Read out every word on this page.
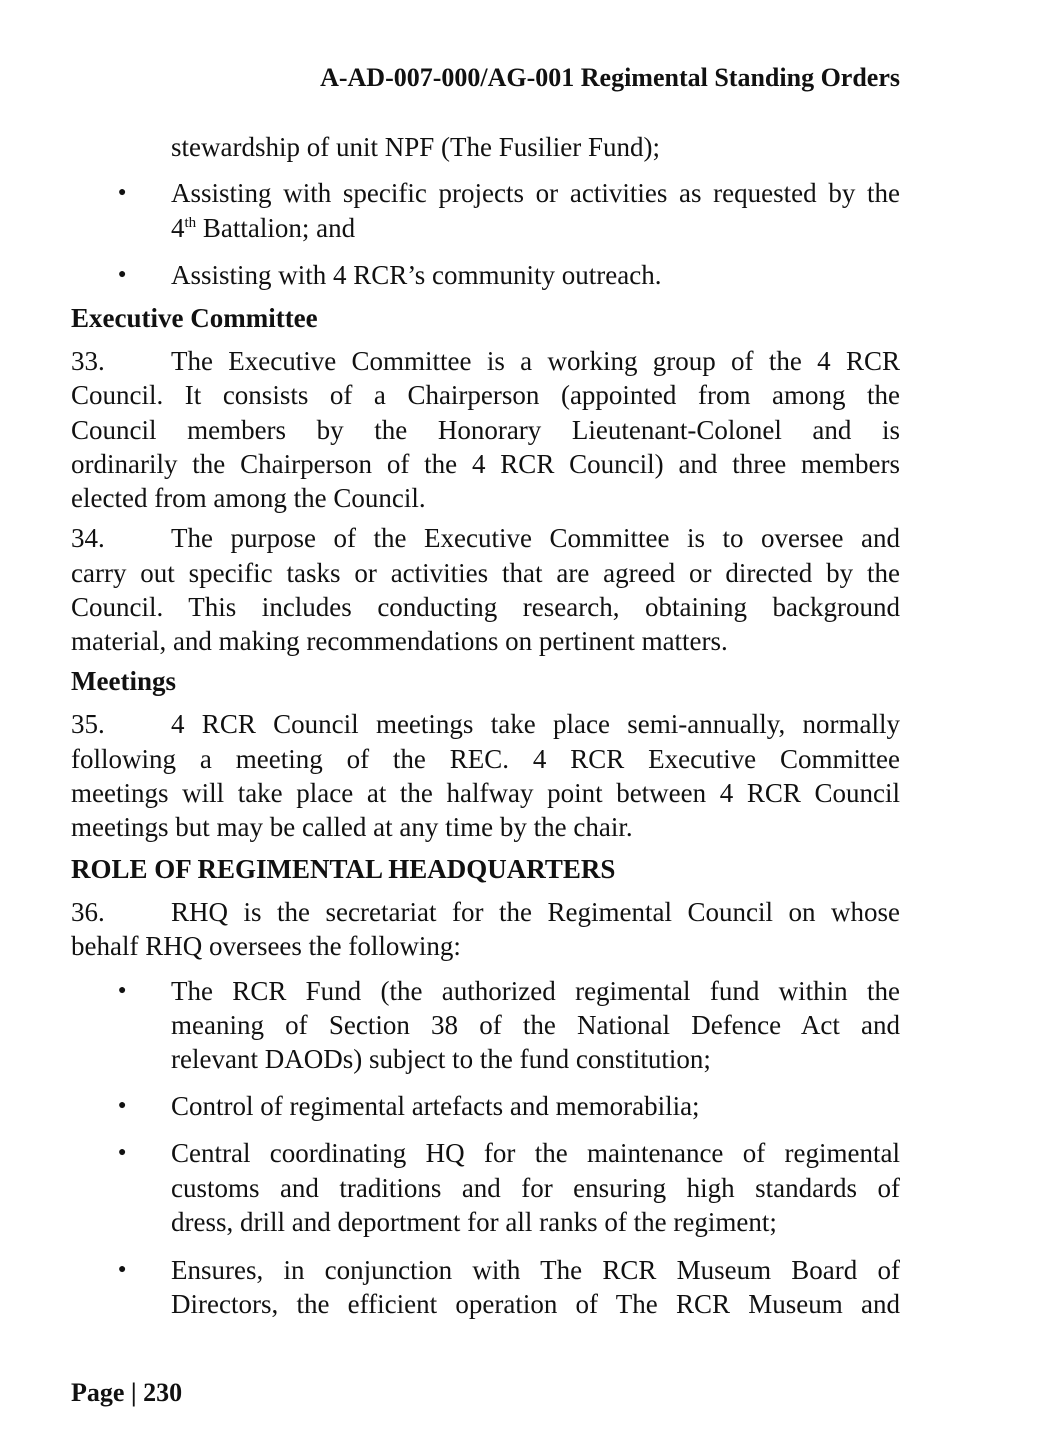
A-AD-007-000/AG-001 Regimental Standing Orders
stewardship of unit NPF (The Fusilier Fund);
● Assisting with specific projects or activities as requested by the
4th Battalion; and
● Assisting with 4 RCR’s community outreach.
Executive Committee
33. The Executive Committee is a working group of the 4 RCR
Council. It consists of a Chairperson (appointed from among the
Council members by the Honorary Lieutenant-Colonel and is
ordinarily the Chairperson of the 4 RCR Council) and three members
elected from among the Council.
34. The purpose of the Executive Committee is to oversee and
carry out specific tasks or activities that are agreed or directed by the
Council. This includes conducting research, obtaining background
material, and making recommendations on pertinent matters.
Meetings
35. 4 RCR Council meetings take place semi-annually, normally
following a meeting of the REC. 4 RCR Executive Committee
meetings will take place at the halfway point between 4 RCR Council
meetings but may be called at any time by the chair.
ROLE OF REGIMENTAL HEADQUARTERS
36. RHQ is the secretariat for the Regimental Council on whose
behalf RHQ oversees the following:
● The RCR Fund (the authorized regimental fund within the
meaning of Section 38 of the National Defence Act and
relevant DAODs) subject to the fund constitution;
● Control of regimental artefacts and memorabilia;
● Central coordinating HQ for the maintenance of regimental
customs and traditions and for ensuring high standards of
dress, drill and deportment for all ranks of the regiment;
● Ensures, in conjunction with The RCR Museum Board of
Directors, the efficient operation of The RCR Museum and
Page | 230
